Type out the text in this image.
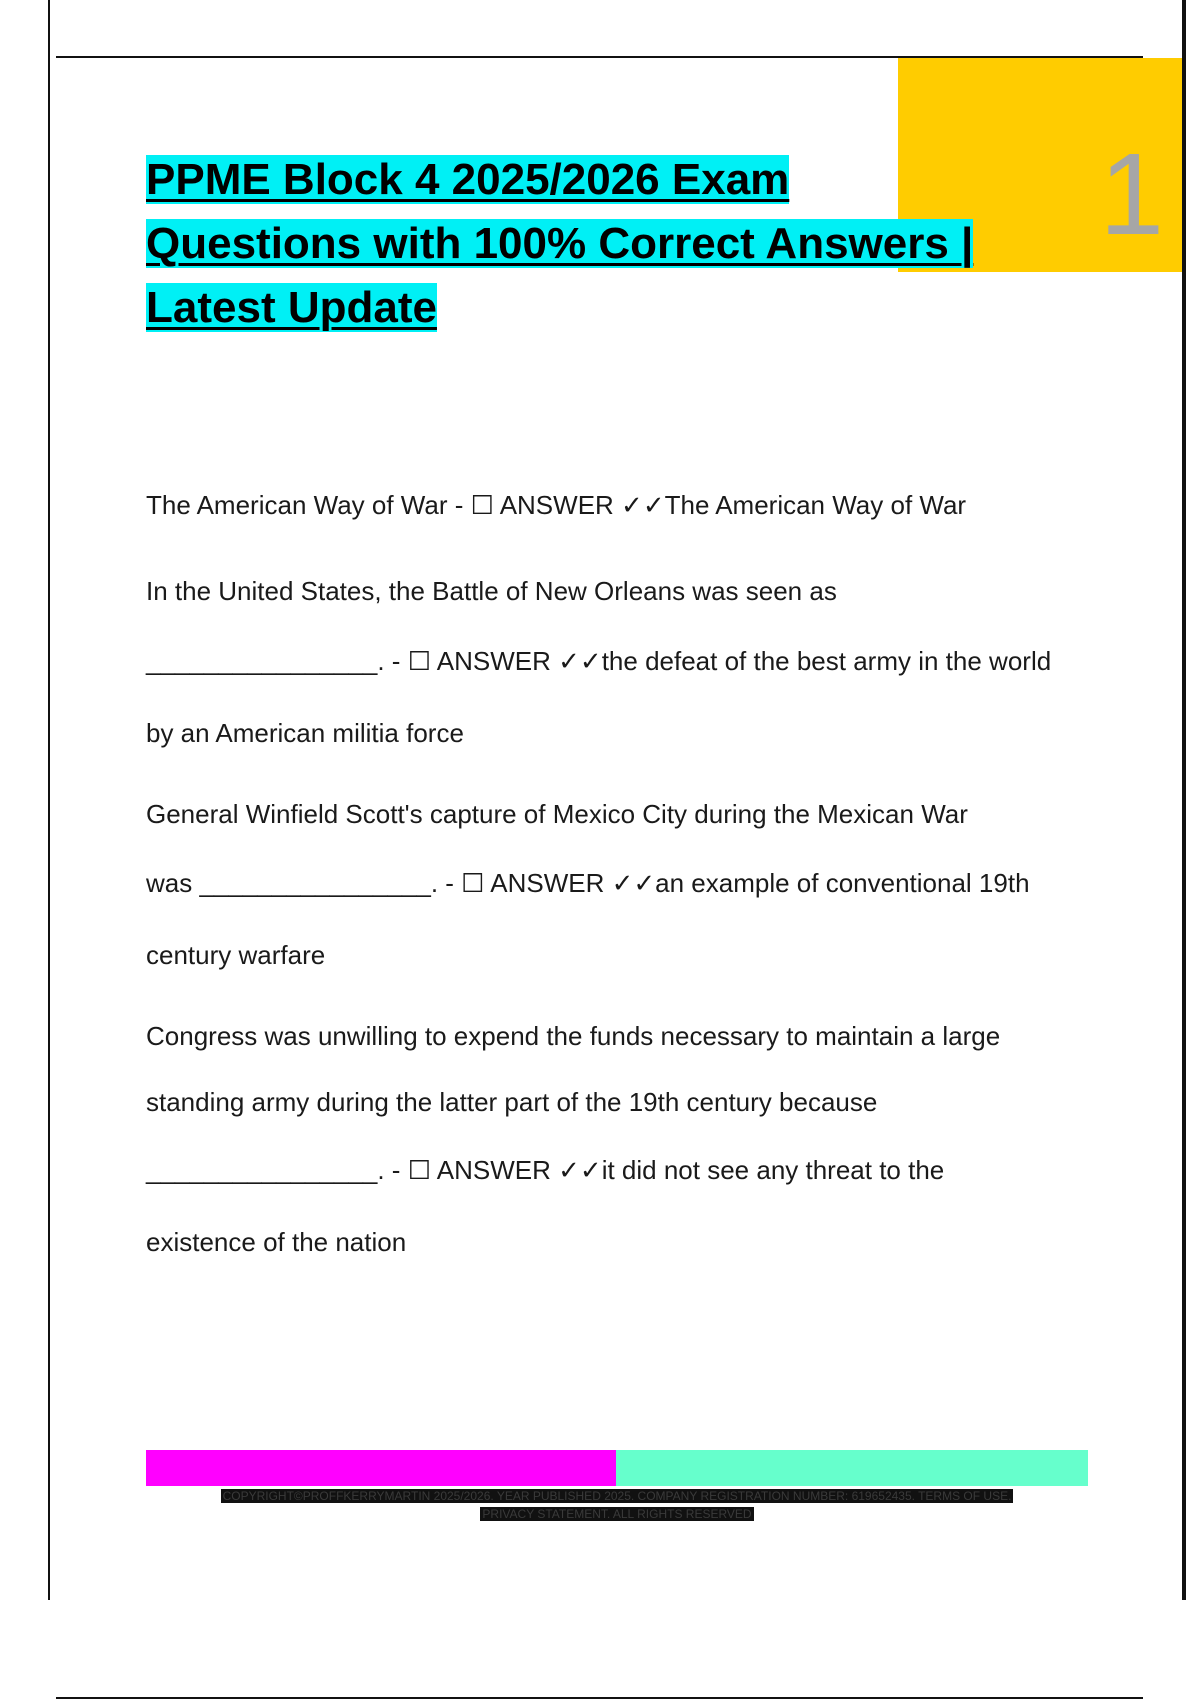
1
PPME Block 4 2025/2026 Exam
Questions with 100% Correct Answers |
Latest Update
The American Way of War - ☐ ANSWER ✓✓The American Way of War
In the United States, the Battle of New Orleans was seen as
________________. - ☐ ANSWER ✓✓the defeat of the best army in the world
by an American militia force
General Winfield Scott's capture of Mexico City during the Mexican War
was ________________. - ☐ ANSWER ✓✓an example of conventional 19th
century warfare
Congress was unwilling to expend the funds necessary to maintain a large
standing army during the latter part of the 19th century because
________________. - ☐ ANSWER ✓✓it did not see any threat to the
existence of the nation
COPYRIGHT©PROFFKERRYMARTIN 2025/2026. YEAR PUBLISHED 2025. COMPANY REGISTRATION NUMBER: 619652435. TERMS OF USE.
PRIVACY STATEMENT. ALL RIGHTS RESERVED
